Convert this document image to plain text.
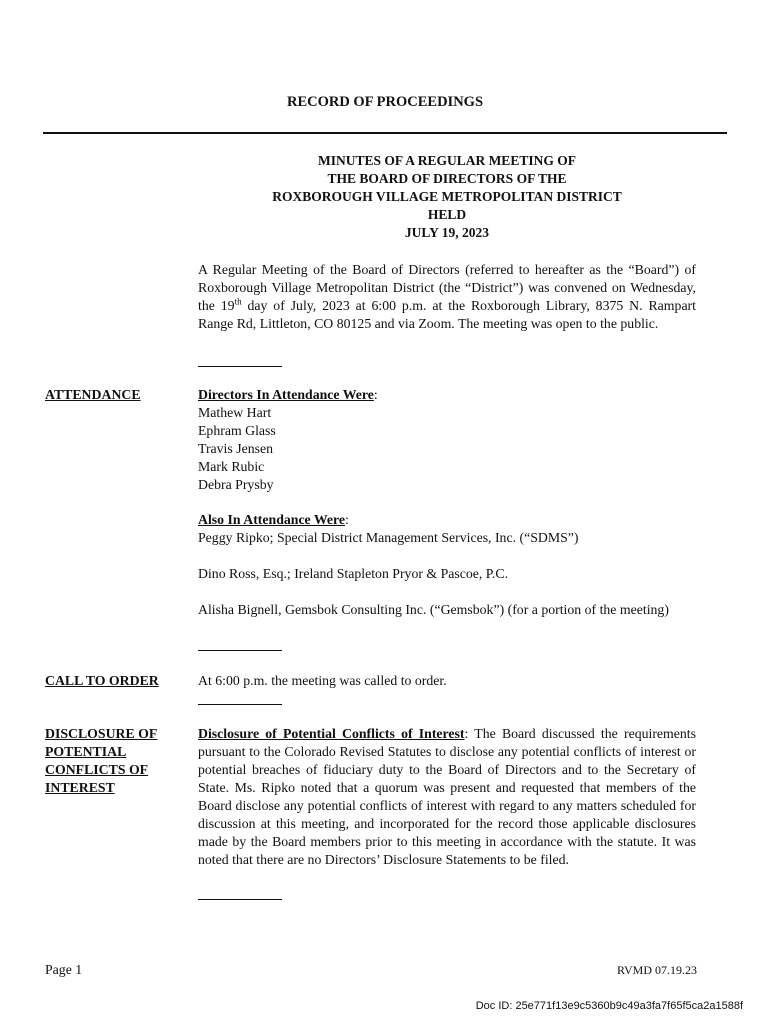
RECORD OF PROCEEDINGS
MINUTES OF A REGULAR MEETING OF
THE BOARD OF DIRECTORS OF THE
ROXBOROUGH VILLAGE METROPOLITAN DISTRICT
HELD
JULY 19, 2023
A Regular Meeting of the Board of Directors (referred to hereafter as the “Board”) of Roxborough Village Metropolitan District (the “District”) was convened on Wednesday, the 19th day of July, 2023 at 6:00 p.m. at the Roxborough Library, 8375 N. Rampart Range Rd, Littleton, CO 80125 and via Zoom. The meeting was open to the public.
ATTENDANCE	Directors In Attendance Were:
Mathew Hart
Ephram Glass
Travis Jensen
Mark Rubic
Debra Prysby
Also In Attendance Were:
Peggy Ripko; Special District Management Services, Inc. (“SDMS”)
Dino Ross, Esq.; Ireland Stapleton Pryor & Pascoe, P.C.
Alisha Bignell, Gemsbok Consulting Inc. (“Gemsbok”) (for a portion of the meeting)
CALL TO ORDER	At 6:00 p.m. the meeting was called to order.
DISCLOSURE OF
POTENTIAL
CONFLICTS OF
INTEREST
Disclosure of Potential Conflicts of Interest: The Board discussed the requirements pursuant to the Colorado Revised Statutes to disclose any potential conflicts of interest or potential breaches of fiduciary duty to the Board of Directors and to the Secretary of State. Ms. Ripko noted that a quorum was present and requested that members of the Board disclose any potential conflicts of interest with regard to any matters scheduled for discussion at this meeting, and incorporated for the record those applicable disclosures made by the Board members prior to this meeting in accordance with the statute. It was noted that there are no Directors’ Disclosure Statements to be filed.
Page 1	RVMD 07.19.23
Doc ID: 25e771f13e9c5360b9c49a3fa7f65f5ca2a1588f
